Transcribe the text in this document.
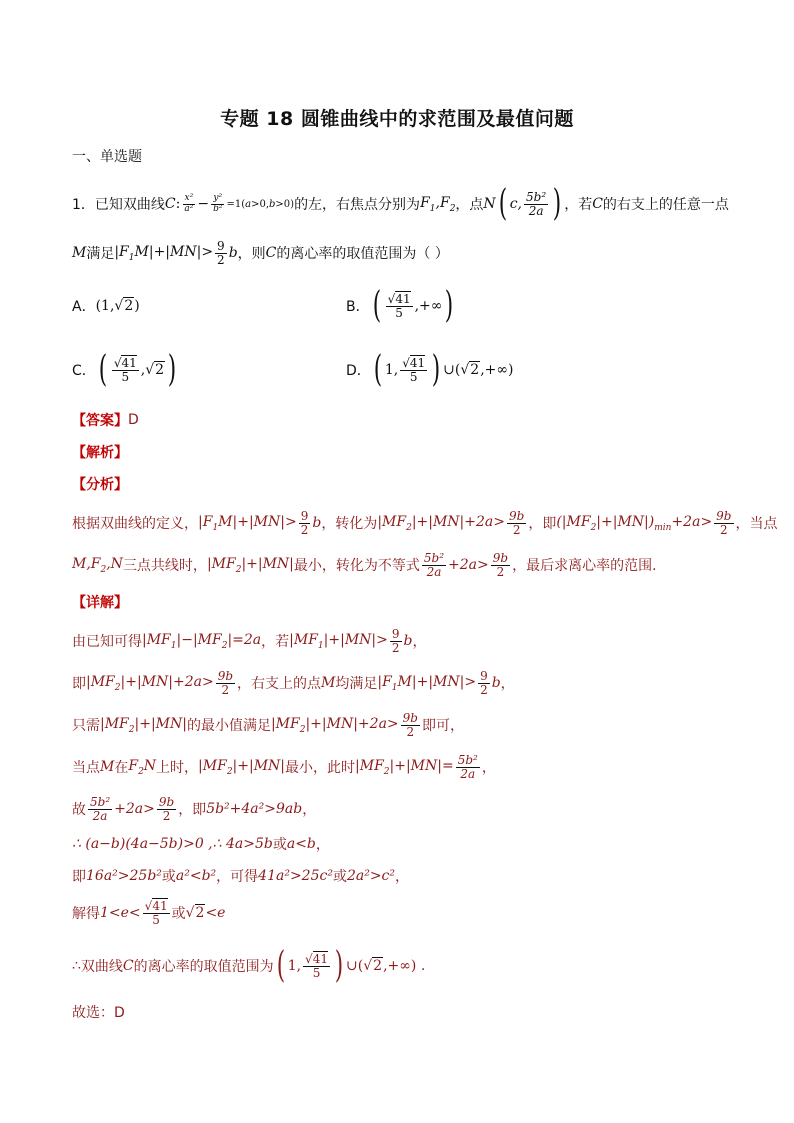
专题 18 圆锥曲线中的求范围及最值问题
一、单选题
1． 已知双曲线 C : $\frac{\text{x²}}{\text{a²}} - \frac{\text{y²}}{\text{b²}} =1(a>0,b>0)$ 的左，右焦点分别为 $F_1,F_2$ ，点 N ( c, $\frac{\text{5b²}}{2a}$ ) ，若 C 的右支上的任意一点
M 满足 $|F_1M|+|MN|> \frac{9}{2}$ b ，则 C 的离心率的取值范围为（ ）
A． (1, √2 )	B． ( $\frac{√41}{5}$ ,+∞ )
C． ( $\frac{√41}{5}$ , √2 )	D． ( 1, $\frac{√41}{5}$ ) ∪( √2 ,+∞)
【答案】 D
【解析】
【分析】
根据双曲线的定义， $|F_1M|+|MN|> \frac{9}{2}$ b ，转化为 $|MF_2|+|MN|+2a> \frac{9b}{2}$ ，即 $(|MF_2|+|MN|)_{min}+2a> \frac{9b}{2}$ ，当点
$M,F_2,N$ 三点共线时， $|MF_2|+|MN|$ 最小，转化为不等式 $\frac{\text{5b²}}{2a} +2a> \frac{9b}{2}$ ，最后求离心率的范围.
【详解】
由已知可得 $|MF_1|-|MF_2|=2a$ ，若 $|MF_1|+|MN|> \frac{9}{2}$ b ，
即 $|MF_2|+|MN|+2a> \frac{9b}{2}$ ，右支上的点 M 均满足 $|F_1M|+|MN|> \frac{9}{2}$ b ，
只需 $|MF_2|+|MN|$ 的最小值满足 $|MF_2|+|MN|+2a> \frac{9b}{2}$ 即可，
当点 M 在 $F_2N$ 上时， $|MF_2|+|MN|$ 最小，此时 $|MF_2|+|MN|= \frac{\text{5b²}}{2a}$ ，
故 $\frac{\text{5b²}}{2a} +2a> \frac{9b}{2}$ ，即 5b²+4a²>9ab ，
∴ (a−b)(4a−5b)>0 ,∴ 4a>5b 或 a<b ，
即 16a²>25b² 或 a²<b² ，可得 41a²>25c² 或 2a²>c² ，
解得 $1<e< \frac{√41}{5}$ 或 √2 <e
∴ 双曲线 C 的离心率的取值范围为 ( 1, $\frac{√41}{5}$ ) ∪( √2 ,+∞) .
故选：D
